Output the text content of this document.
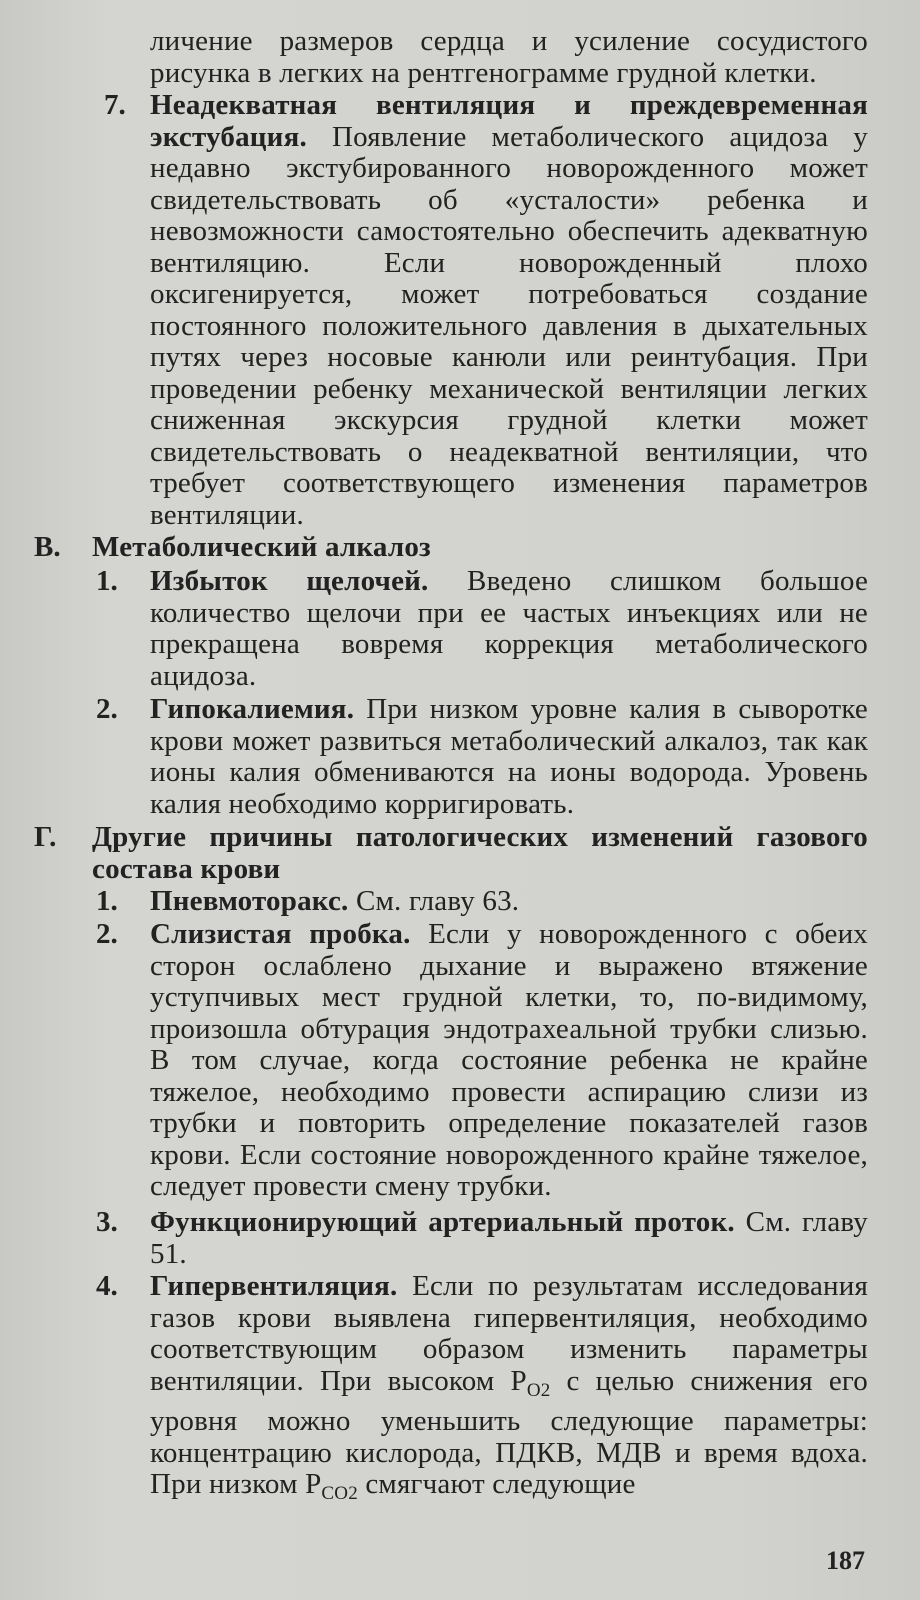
личение размеров сердца и усиление сосудистого рисунка в легких на рентгенограмме грудной клетки.
7. Неадекватная вентиляция и преждевременная экстубация. Появление метаболического ацидоза у недавно экстубированного новорожденного может свидетельствовать об «усталости» ребенка и невозможности самостоятельно обеспечить адекватную вентиляцию. Если новорожденный плохо оксигенируется, может потребоваться создание постоянного положительного давления в дыхательных путях через носовые канюли или реинтубация. При проведении ребенку механической вентиляции легких сниженная экскурсия грудной клетки может свидетельствовать о неадекватной вентиляции, что требует соответствующего изменения параметров вентиляции.
В. Метаболический алкалоз
1. Избыток щелочей. Введено слишком большое количество щелочи при ее частых инъекциях или не прекращена вовремя коррекция метаболического ацидоза.
2. Гипокалиемия. При низком уровне калия в сыворотке крови может развиться метаболический алкалоз, так как ионы калия обмениваются на ионы водорода. Уровень калия необходимо корригировать.
Г. Другие причины патологических изменений газового состава крови
1. Пневмоторакс. См. главу 63.
2. Слизистая пробка. Если у новорожденного с обеих сторон ослаблено дыхание и выражено втяжение уступчивых мест грудной клетки, то, по-видимому, произошла обтурация эндотрахеальной трубки слизью. В том случае, когда состояние ребенка не крайне тяжелое, необходимо провести аспирацию слизи из трубки и повторить определение показателей газов крови. Если состояние новорожденного крайне тяжелое, следует провести смену трубки.
3. Функционирующий артериальный проток. См. главу 51.
4. Гипервентиляция. Если по результатам исследования газов крови выявлена гипервентиляция, необходимо соответствующим образом изменить параметры вентиляции. При высоком $P_{O2}$ с целью снижения его уровня можно уменьшить следующие параметры: концентрацию кислорода, ПДКВ, МДВ и время вдоха. При низком $P_{CO2}$ смягчают следующие
187
